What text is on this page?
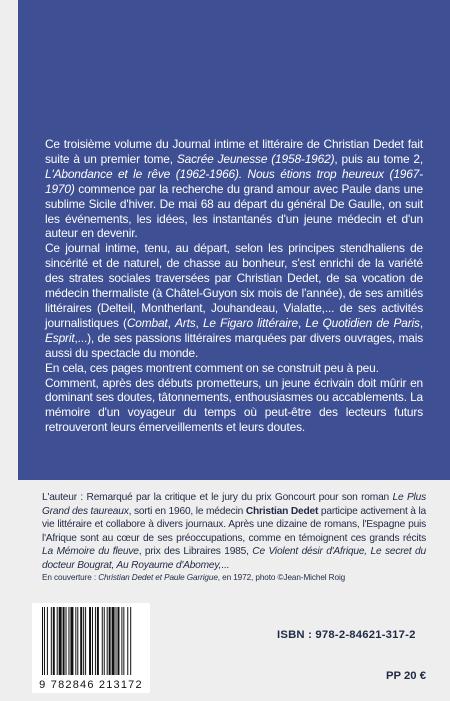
Ce troisième volume du Journal intime et littéraire de Christian Dedet fait suite à un premier tome, Sacrée Jeunesse (1958-1962), puis au tome 2, L'Abondance et le rêve (1962-1966). Nous étions trop heureux (1967-1970) commence par la recherche du grand amour avec Paule dans une sublime Sicile d'hiver. De mai 68 au départ du général De Gaulle, on suit les événements, les idées, les instantanés d'un jeune médecin et d'un auteur en devenir.

Ce journal intime, tenu, au départ, selon les principes stendhaliens de sincérité et de naturel, de chasse au bonheur, s'est enrichi de la variété des strates sociales traversées par Christian Dedet, de sa vocation de médecin thermaliste (à Châtel-Guyon six mois de l'année), de ses amitiés littéraires (Delteil, Montherlant, Jouhandeau, Vialatte,... de ses activités journalistiques (Combat, Arts, Le Figaro littéraire, Le Quotidien de Paris, Esprit,...), de ses passions littéraires marquées par divers ouvrages, mais aussi du spectacle du monde.

En cela, ces pages montrent comment on se construit peu à peu.

Comment, après des débuts prometteurs, un jeune écrivain doit mûrir en dominant ses doutes, tâtonnements, enthousiasmes ou accablements. La mémoire d'un voyageur du temps où peut-être des lecteurs futurs retrouveront leurs émerveillements et leurs doutes.

L'auteur : Remarqué par la critique et le jury du prix Goncourt pour son roman Le Plus Grand des taureaux, sorti en 1960, le médecin Christian Dedet participe activement à la vie littéraire et collabore à divers journaux. Après une dizaine de romans, l'Espagne puis l'Afrique sont au cœur de ses préoccupations, comme en témoignent ces grands récits La Mémoire du fleuve, prix des Libraires 1985, Ce Violent désir d'Afrique, Le secret du docteur Bougrat, Au Royaume d'Abomey,...

En couverture : Christian Dedet et Paule Garrigue, en 1972, photo ©Jean-Michel Roig
9 782846 213172
ISBN : 978-2-84621-317-2
PP 20 €
